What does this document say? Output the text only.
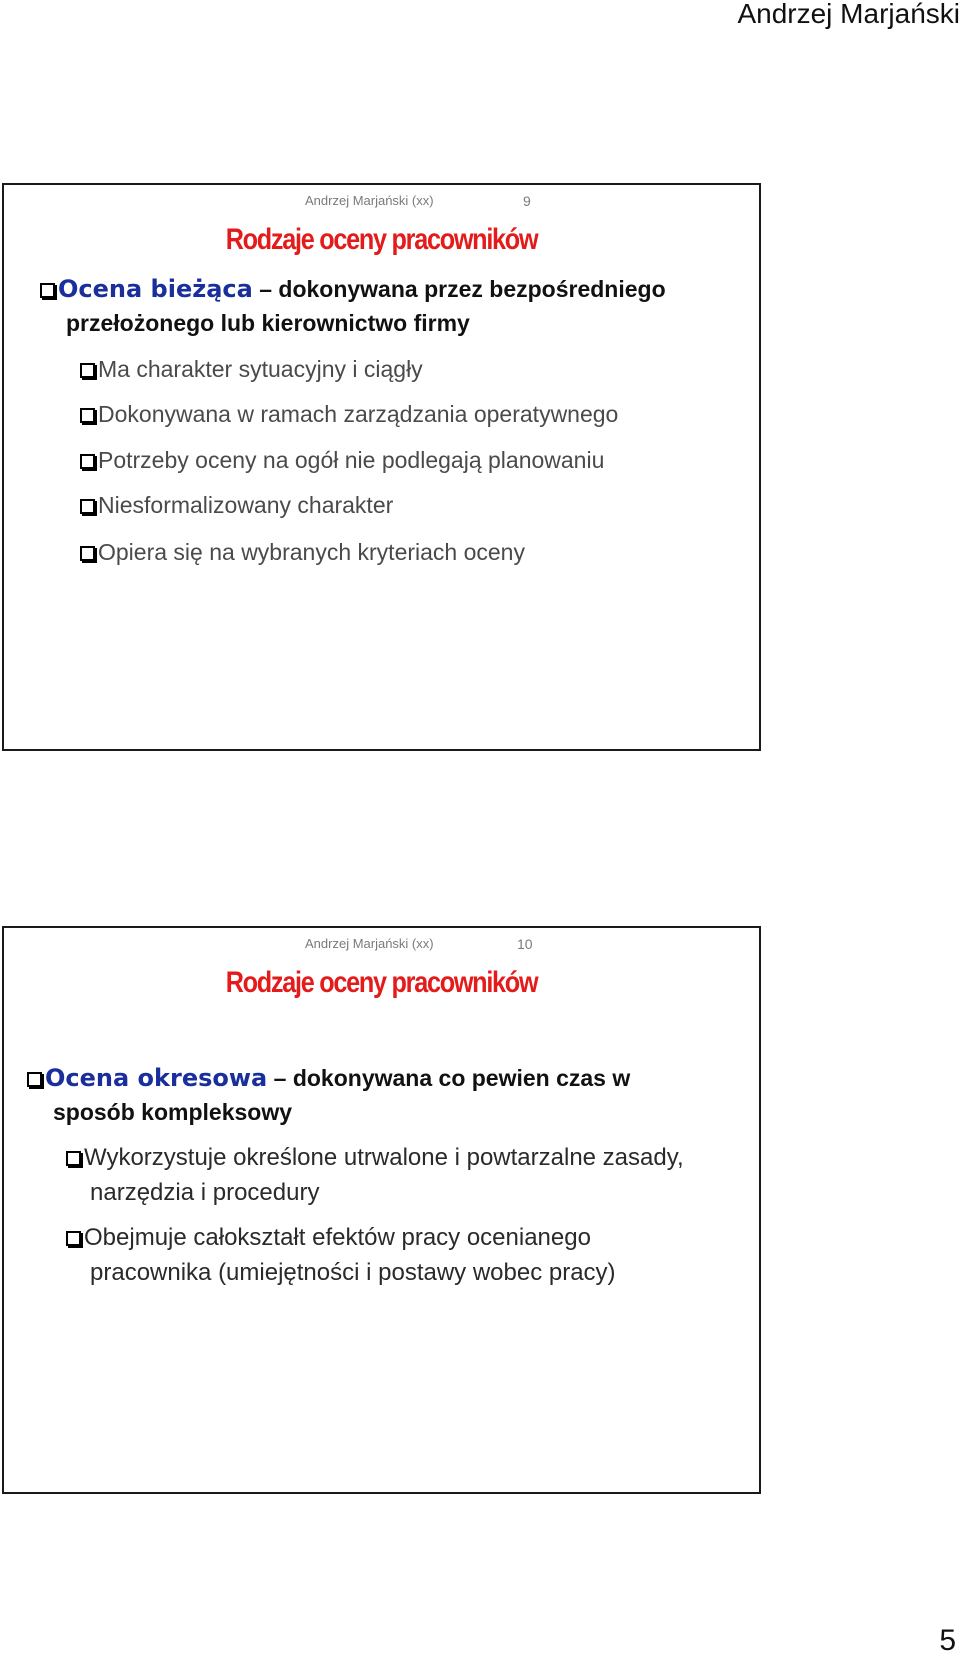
Andrzej Marjański
Andrzej Marjański (xx)	9
Rodzaje oceny pracowników
Ocena bieżąca – dokonywana przez bezpośredniego
przełożonego lub kierownictwo firmy
Ma charakter sytuacyjny i ciągły
Dokonywana w ramach zarządzania operatywnego
Potrzeby oceny na ogół nie podlegają planowaniu
Niesformalizowany charakter
Opiera się na wybranych kryteriach oceny
Andrzej Marjański (xx)	10
Rodzaje oceny pracowników
Ocena okresowa – dokonywana co pewien czas w
sposób kompleksowy
Wykorzystuje określone utrwalone i powtarzalne zasady,
narzędzia i procedury
Obejmuje całokształt efektów pracy ocenianego
pracownika (umiejętności i postawy wobec pracy)
5
